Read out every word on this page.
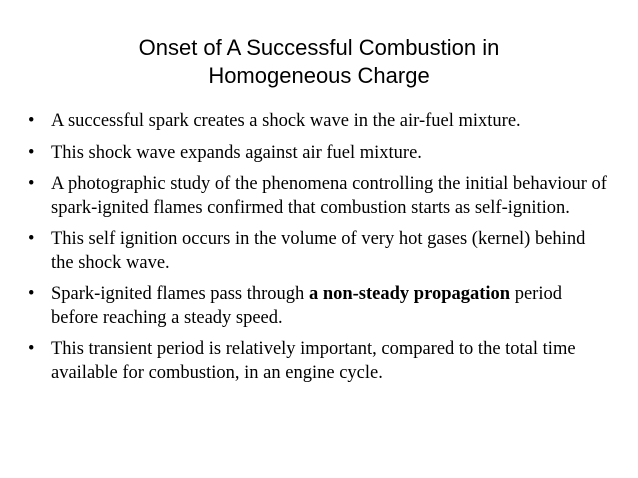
Onset of A Successful Combustion in
Homogeneous Charge
• A successful spark creates a shock wave in the air-fuel mixture.
• This shock wave expands against air fuel mixture.
• A photographic study of the phenomena controlling the initial behaviour of spark-ignited flames confirmed that combustion starts as self-ignition.
• This self ignition occurs in the volume of very hot gases (kernel) behind the shock wave.
• Spark-ignited flames pass through a non-steady propagation period before reaching a steady speed.
• This transient period is relatively important, compared to the total time available for combustion, in an engine cycle.
